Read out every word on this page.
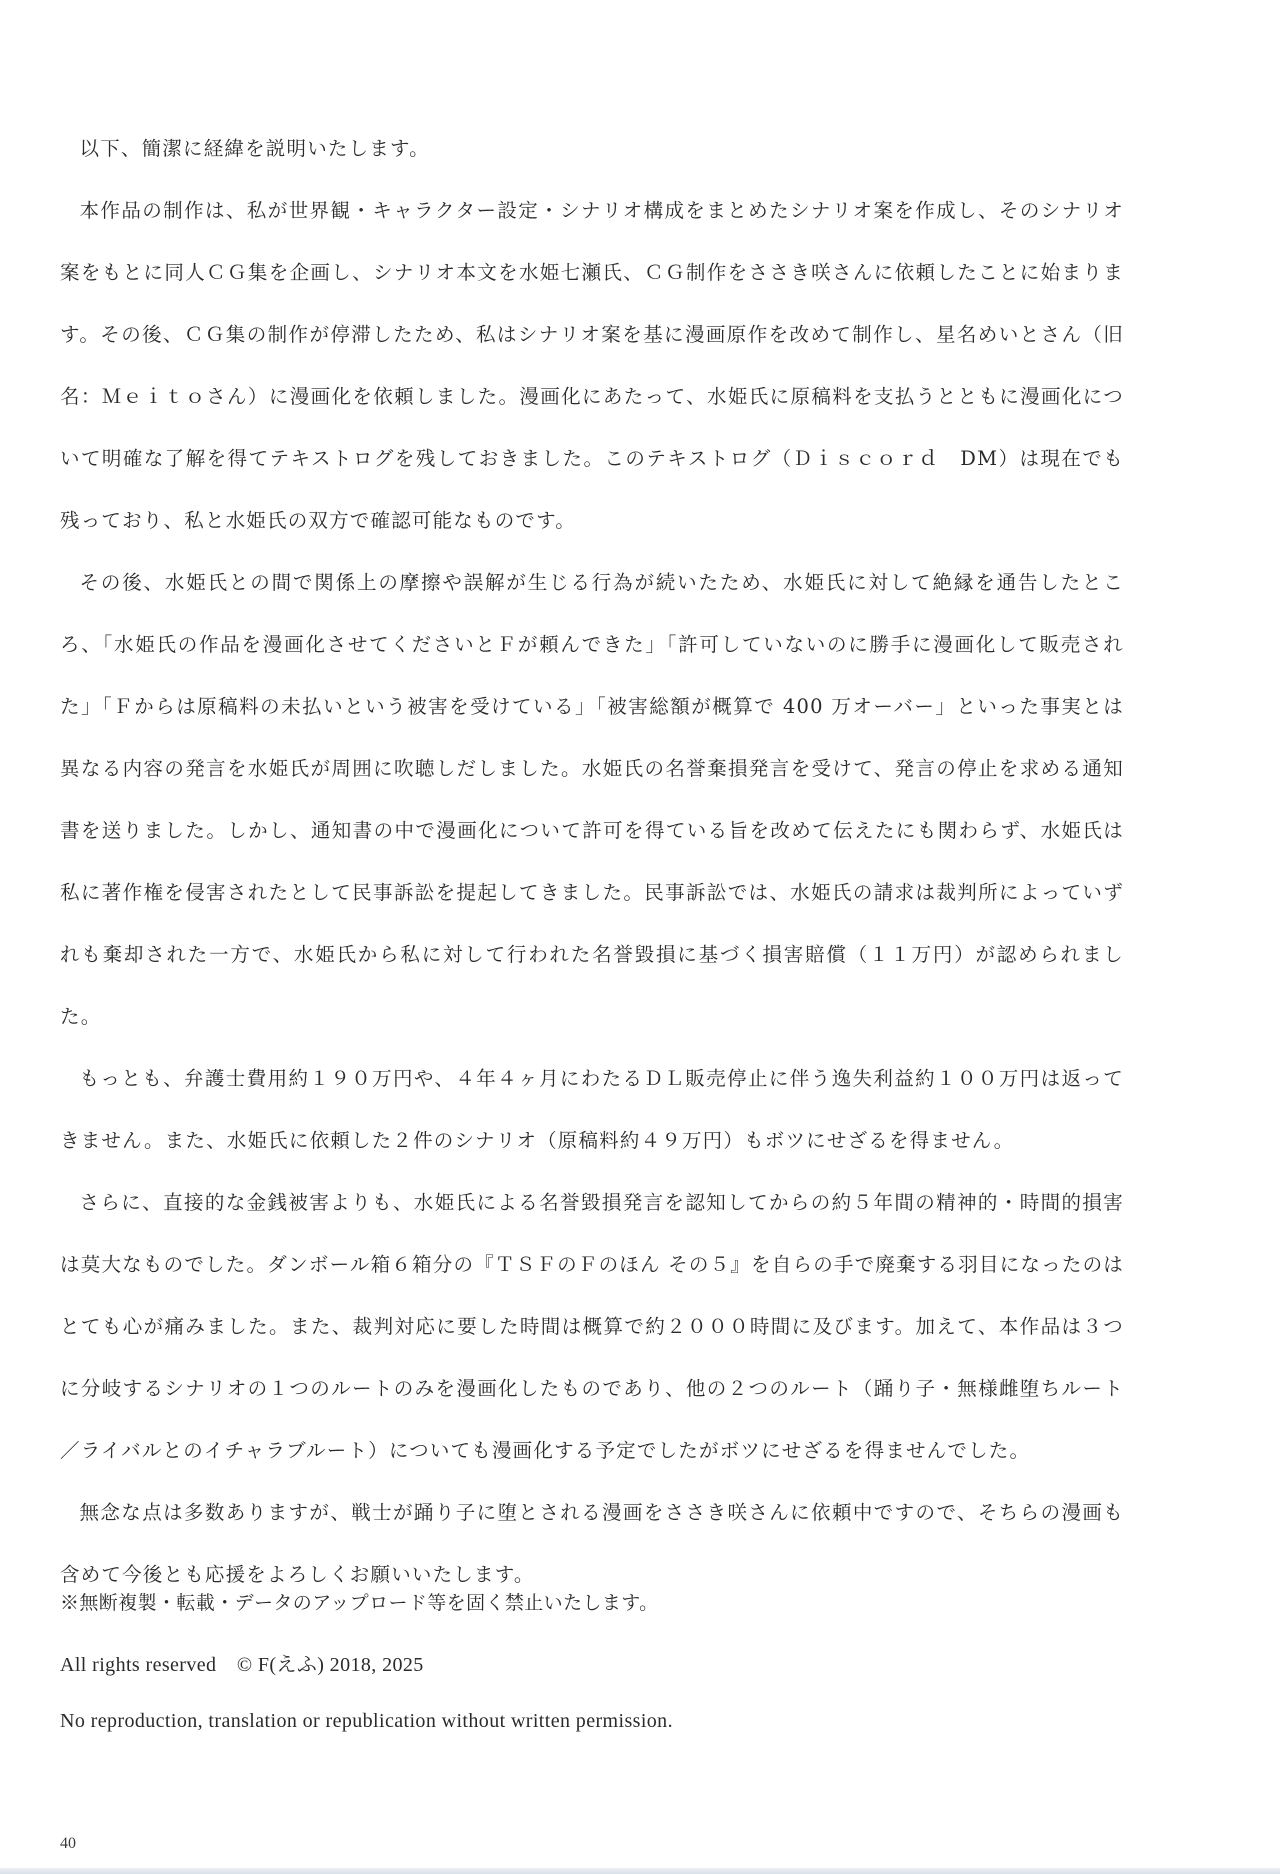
以下、簡潔に経緯を説明いたします。

本作品の制作は、私が世界観・キャラクター設定・シナリオ構成をまとめたシナリオ案を作成し、そのシナリオ案をもとに同人ＣＧ集を企画し、シナリオ本文を水姫七瀬氏、ＣＧ制作をささき咲さんに依頼したことに始まります。その後、ＣＧ集の制作が停滞したため、私はシナリオ案を基に漫画原作を改めて制作し、星名めいとさん（旧名：Ｍｅｉｔｏさん）に漫画化を依頼しました。漫画化にあたって、水姫氏に原稿料を支払うとともに漫画化について明確な了解を得てテキストログを残しておきました。このテキストログ（Ｄｉｓｃｏｒｄ　DM）は現在でも残っており、私と水姫氏の双方で確認可能なものです。

その後、水姫氏との間で関係上の摩擦や誤解が生じる行為が続いたため、水姫氏に対して絶縁を通告したところ、「水姫氏の作品を漫画化させてくださいとＦが頼んできた」「許可していないのに勝手に漫画化して販売された」「Ｆからは原稿料の未払いという被害を受けている」「被害総額が概算で 400 万オーバー」といった事実とは異なる内容の発言を水姫氏が周囲に吹聴しだしました。水姫氏の名誉棄損発言を受けて、発言の停止を求める通知書を送りました。しかし、通知書の中で漫画化について許可を得ている旨を改めて伝えたにも関わらず、水姫氏は私に著作権を侵害されたとして民事訴訟を提起してきました。民事訴訟では、水姫氏の請求は裁判所によっていずれも棄却された一方で、水姫氏から私に対して行われた名誉毀損に基づく損害賠償（１１万円）が認められました。

もっとも、弁護士費用約１９０万円や、４年４ヶ月にわたるＤＬ販売停止に伴う逸失利益約１００万円は返ってきません。また、水姫氏に依頼した２件のシナリオ（原稿料約４９万円）もボツにせざるを得ません。

さらに、直接的な金銭被害よりも、水姫氏による名誉毀損発言を認知してからの約５年間の精神的・時間的損害は莫大なものでした。ダンボール箱６箱分の『ＴＳＦのＦのほん その５』を自らの手で廃棄する羽目になったのはとても心が痛みました。また、裁判対応に要した時間は概算で約２０００時間に及びます。加えて、本作品は３つに分岐するシナリオの１つのルートのみを漫画化したものであり、他の２つのルート（踊り子・無様雌堕ちルート／ライバルとのイチャラブルート）についても漫画化する予定でしたがボツにせざるを得ませんでした。

無念な点は多数ありますが、戦士が踊り子に堕とされる漫画をささき咲さんに依頼中ですので、そちらの漫画も含めて今後とも応援をよろしくお願いいたします。

※無断複製・転載・データのアップロード等を固く禁止いたします。
All rights reserved　© F(えふ) 2018, 2025
No reproduction, translation or republication without written permission.
40
